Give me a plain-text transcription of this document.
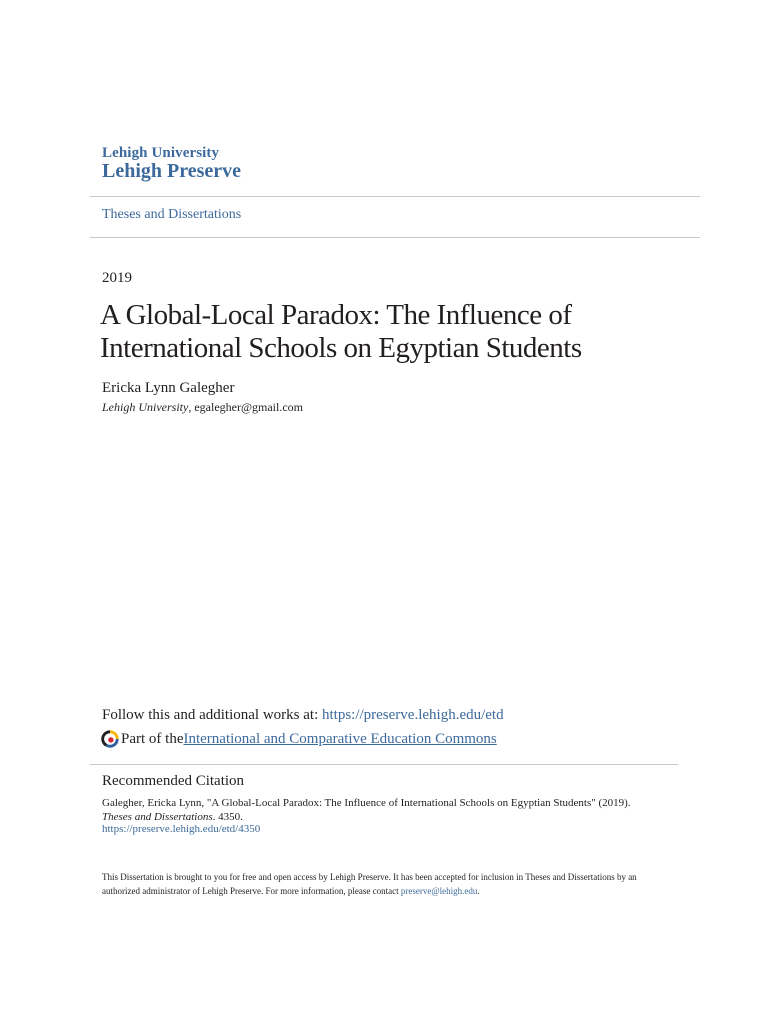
Lehigh University
Lehigh Preserve
Theses and Dissertations
2019
A Global-Local Paradox: The Influence of
International Schools on Egyptian Students
Ericka Lynn Galegher
Lehigh University, egalegher@gmail.com
Follow this and additional works at: https://preserve.lehigh.edu/etd
Part of the International and Comparative Education Commons
Recommended Citation
Galegher, Ericka Lynn, "A Global-Local Paradox: The Influence of International Schools on Egyptian Students" (2019). Theses and Dissertations. 4350.
https://preserve.lehigh.edu/etd/4350
This Dissertation is brought to you for free and open access by Lehigh Preserve. It has been accepted for inclusion in Theses and Dissertations by an authorized administrator of Lehigh Preserve. For more information, please contact preserve@lehigh.edu.
